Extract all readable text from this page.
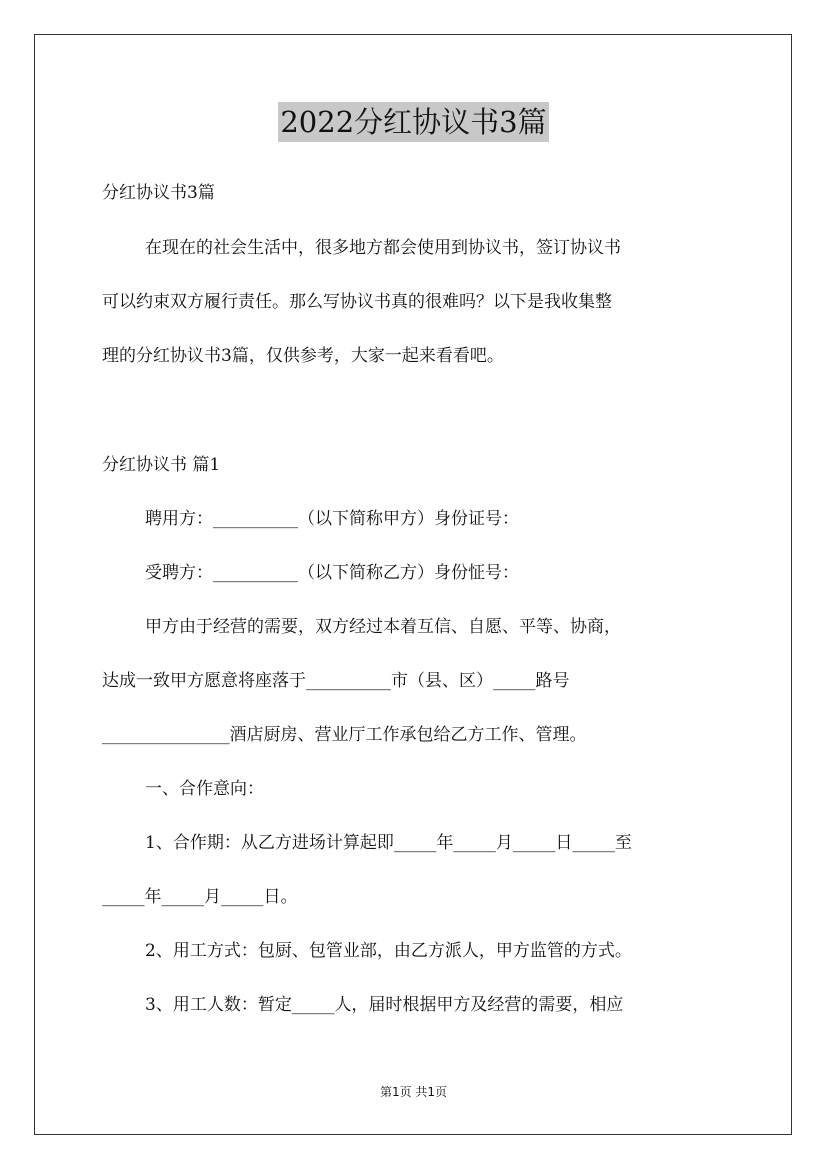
2022分红协议书3篇
分红协议书3篇
在现在的社会生活中，很多地方都会使用到协议书，签订协议书
可以约束双方履行责任。那么写协议书真的很难吗？以下是我收集整
理的分红协议书3篇，仅供参考，大家一起来看看吧。
分红协议书 篇1
聘用方：__________（以下简称甲方）身份证号：
受聘方：__________（以下简称乙方）身份怔号：
甲方由于经营的需要，双方经过本着互信、自愿、平等、协商，
达成一致甲方愿意将座落于__________市（县、区）_____路号
_______________酒店厨房、营业厅工作承包给乙方工作、管理。
一、合作意向：
1、合作期：从乙方进场计算起即_____年_____月_____日_____至
_____年_____月_____日。
2、用工方式：包厨、包管业部，由乙方派人，甲方监管的方式。
3、用工人数：暂定_____人，届时根据甲方及经营的需要，相应
第1页 共1页
